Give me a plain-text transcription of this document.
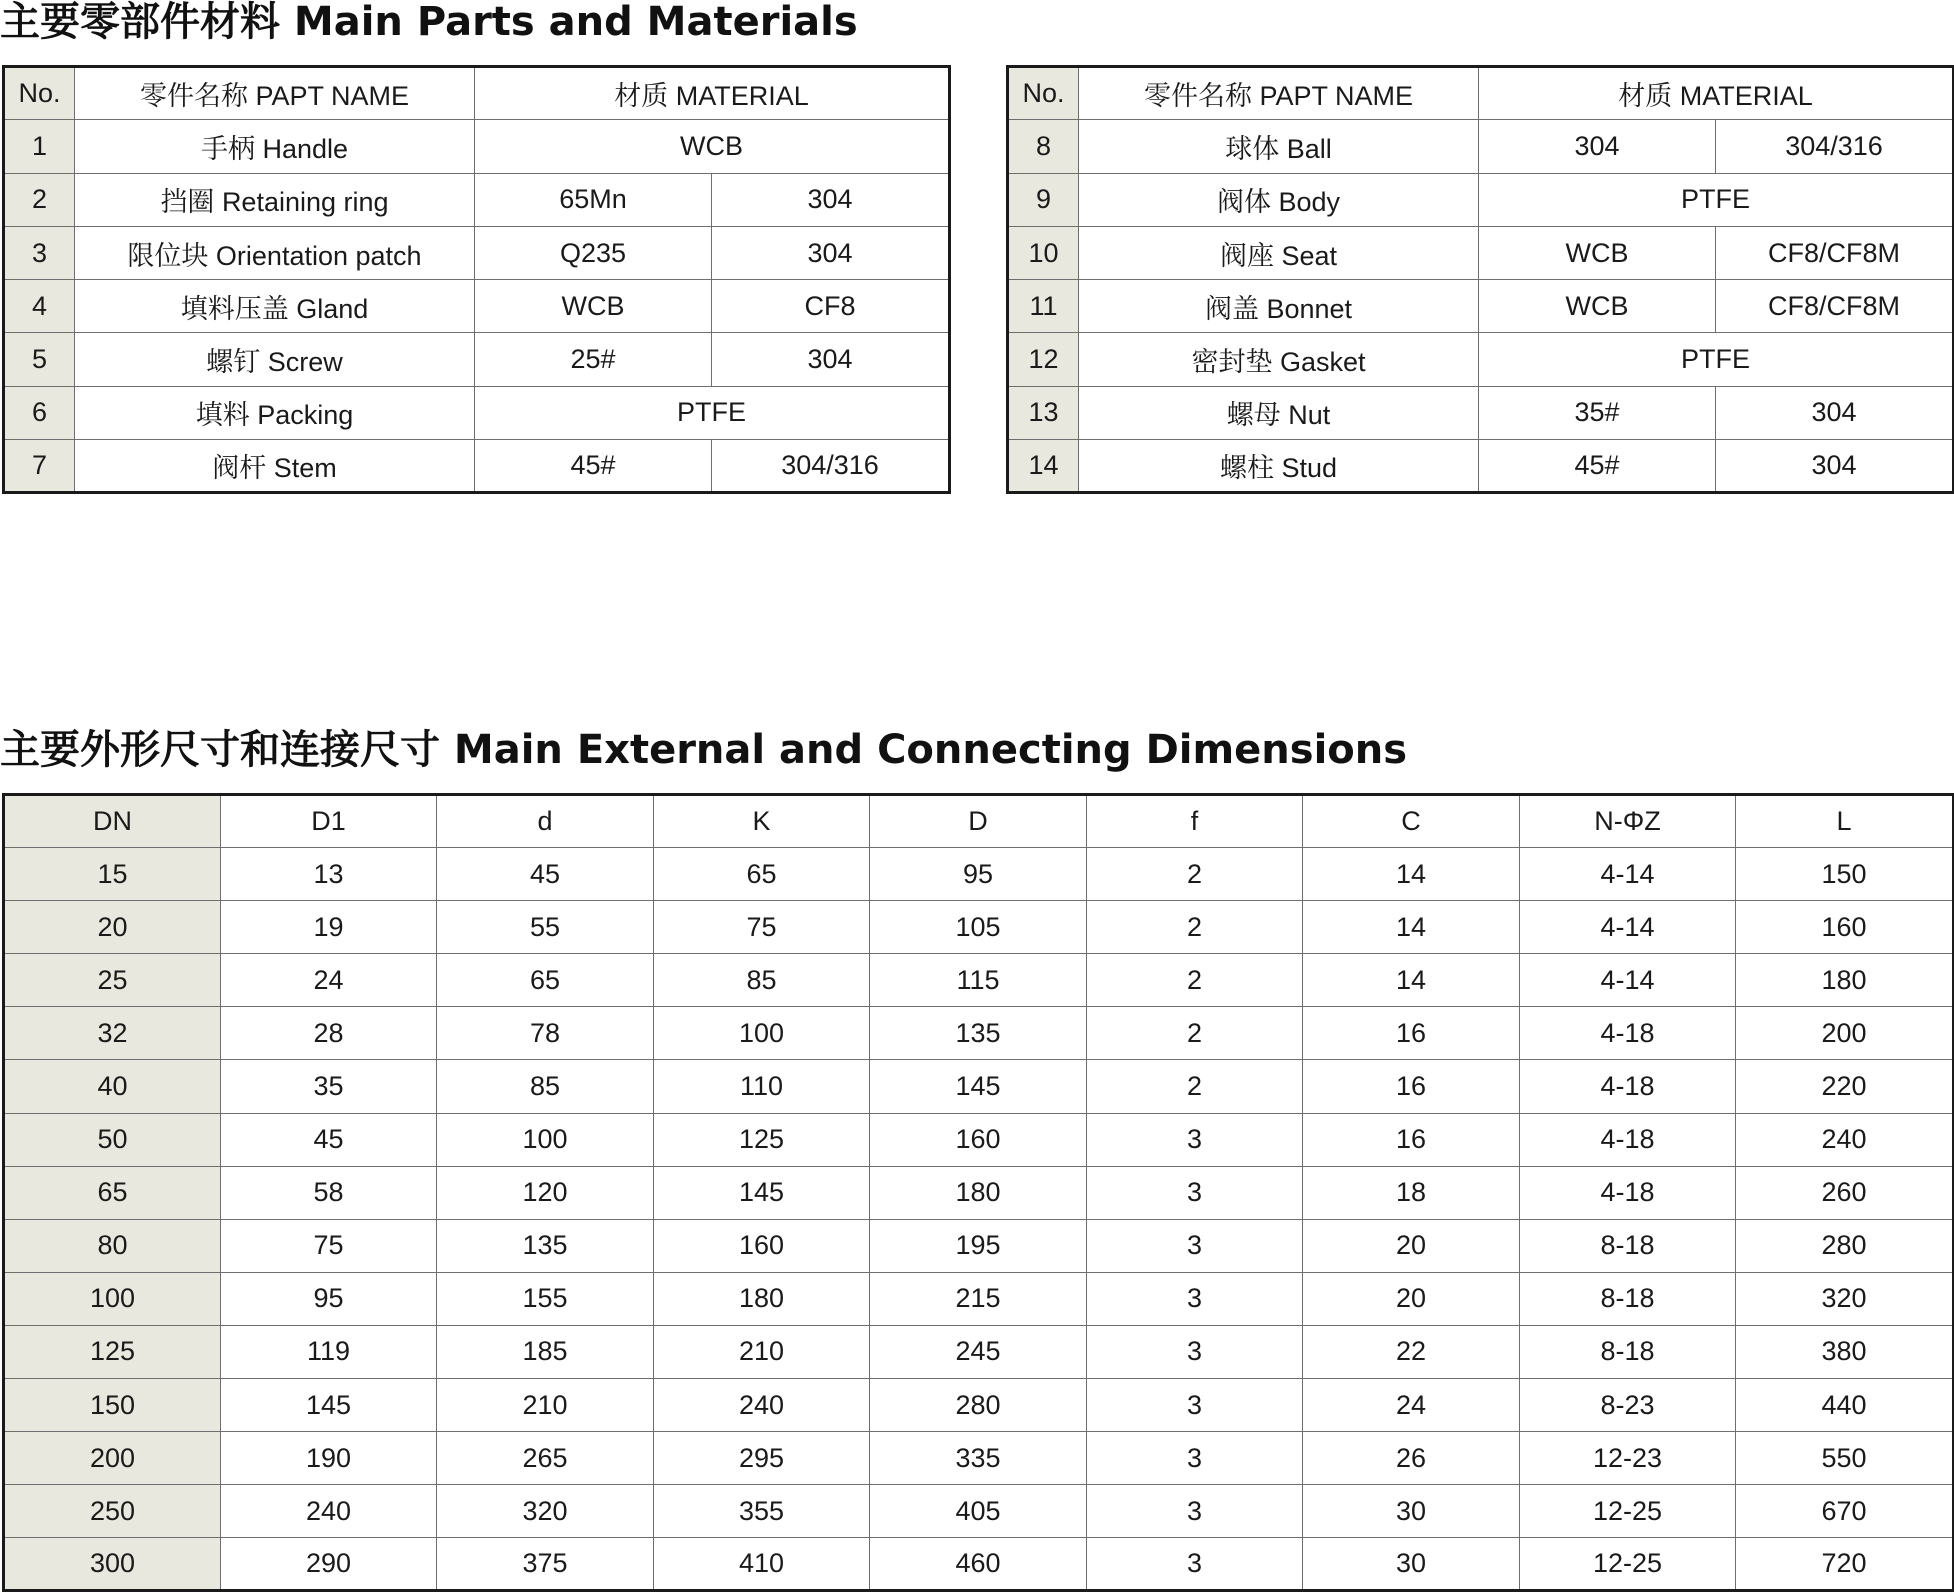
主要零部件材料 Main Parts and Materials
No.	零件名称 PAPT NAME	材质 MATERIAL	
1	手柄 Handle	WCB	
2	挡圈 Retaining ring	65Mn	304
3	限位块 Orientation patch	Q235	304
4	填料压盖 Gland	WCB	CF8
5	螺钉 Screw	25#	304
6	填料 Packing	PTFE	
7	阀杆 Stem	45#	304/316
No.	零件名称 PAPT NAME	材质 MATERIAL	
8	球体 Ball	304	304/316
9	阀体 Body	PTFE	
10	阀座 Seat	WCB	CF8/CF8M
11	阀盖 Bonnet	WCB	CF8/CF8M
12	密封垫 Gasket	PTFE	
13	螺母 Nut	35#	304
14	螺柱 Stud	45#	304
主要外形尺寸和连接尺寸 Main External and Connecting Dimensions
DN	D1	d	K	D	f	C	N-ΦZ	L
15	13	45	65	95	2	14	4-14	150
20	19	55	75	105	2	14	4-14	160
25	24	65	85	115	2	14	4-14	180
32	28	78	100	135	2	16	4-18	200
40	35	85	110	145	2	16	4-18	220
50	45	100	125	160	3	16	4-18	240
65	58	120	145	180	3	18	4-18	260
80	75	135	160	195	3	20	8-18	280
100	95	155	180	215	3	20	8-18	320
125	119	185	210	245	3	22	8-18	380
150	145	210	240	280	3	24	8-23	440
200	190	265	295	335	3	26	12-23	550
250	240	320	355	405	3	30	12-25	670
300	290	375	410	460	3	30	12-25	720
